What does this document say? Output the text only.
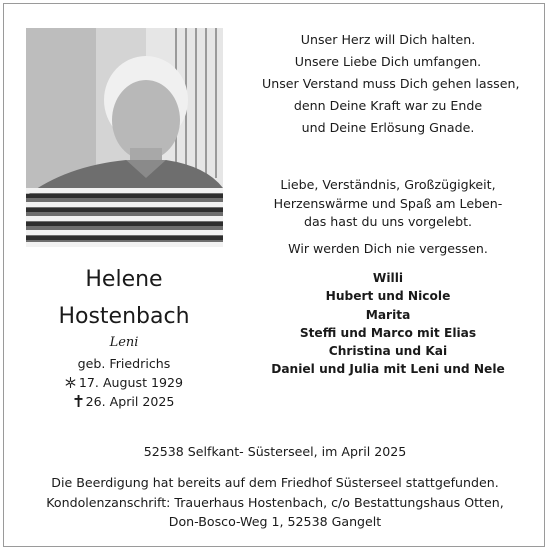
Unser Herz will Dich halten.
Unsere Liebe Dich umfangen.
Unser Verstand muss Dich gehen lassen,
denn Deine Kraft war zu Ende
und Deine Erlösung Gnade.
Liebe, Verständnis, Großzügigkeit,
Herzenswärme und Spaß am Leben-
das hast du uns vorgelebt.
Wir werden Dich nie vergessen.
Willi
Hubert und Nicole
Marita
Steffi und Marco mit Elias
Christina und Kai
Daniel und Julia mit Leni und Nele
Helene
Hostenbach
Leni
geb. Friedrichs
17. August 1929
26. April 2025
52538 Selfkant- Süsterseel, im April 2025
Die Beerdigung hat bereits auf dem Friedhof Süsterseel stattgefunden.
Kondolenzanschrift: Trauerhaus Hostenbach, c/o Bestattungshaus Otten,
Don-Bosco-Weg 1, 52538 Gangelt
